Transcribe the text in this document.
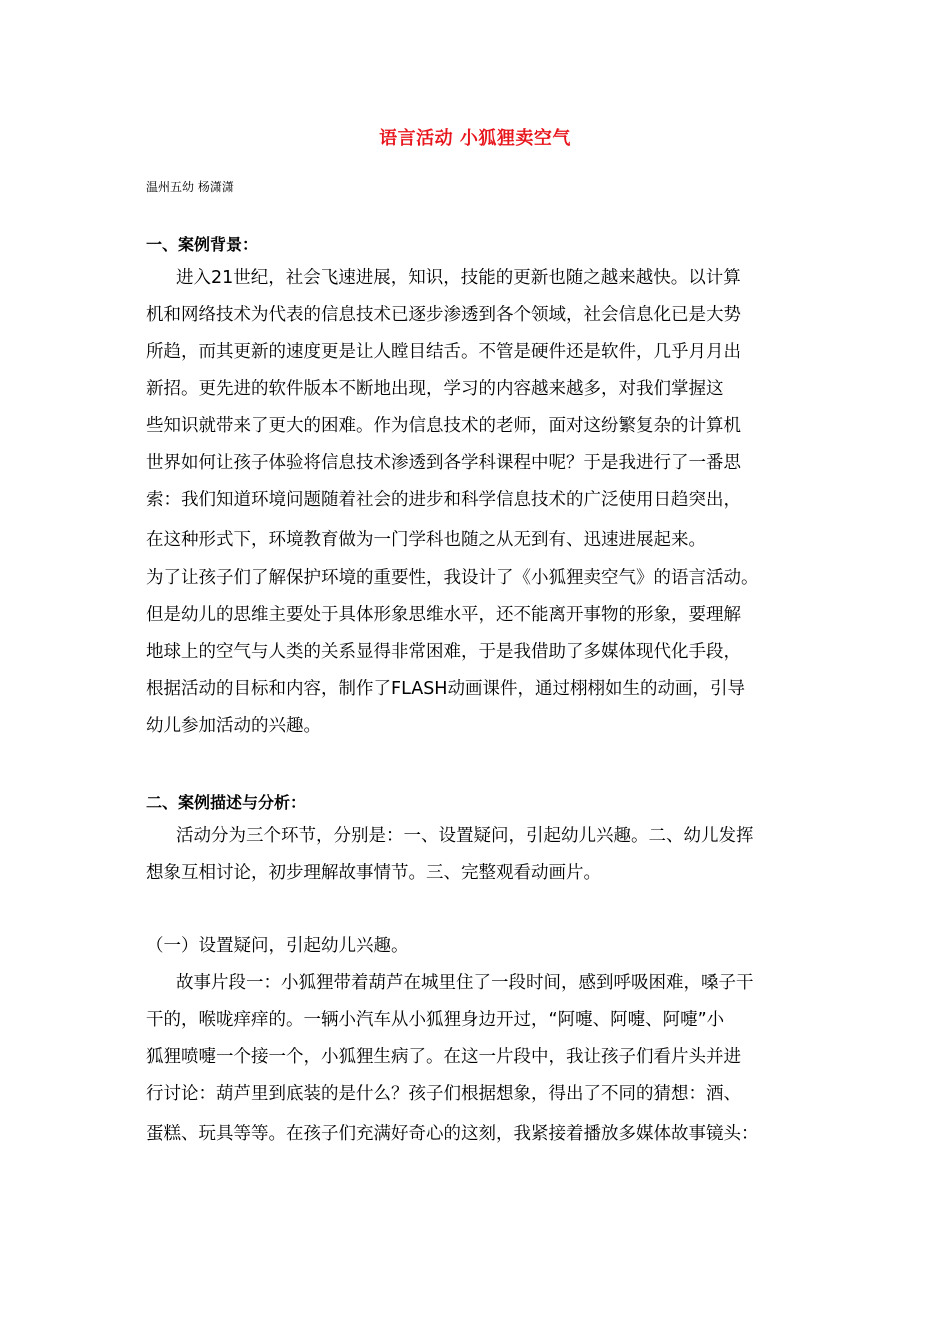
语言活动 小狐狸卖空气
温州五幼 杨潇潇
一、案例背景：
进入21世纪，社会飞速进展，知识，技能的更新也随之越来越快。以计算
机和网络技术为代表的信息技术已逐步渗透到各个领域，社会信息化已是大势
所趋，而其更新的速度更是让人瞠目结舌。不管是硬件还是软件，几乎月月出
新招。更先进的软件版本不断地出现，学习的内容越来越多，对我们掌握这
些知识就带来了更大的困难。作为信息技术的老师，面对这纷繁复杂的计算机
世界如何让孩子体验将信息技术渗透到各学科课程中呢？于是我进行了一番思
索：我们知道环境问题随着社会的进步和科学信息技术的广泛使用日趋突出，
在这种形式下，环境教育做为一门学科也随之从无到有、迅速进展起来。
为了让孩子们了解保护环境的重要性，我设计了《小狐狸卖空气》的语言活动。
但是幼儿的思维主要处于具体形象思维水平，还不能离开事物的形象，要理解
地球上的空气与人类的关系显得非常困难，于是我借助了多媒体现代化手段，
根据活动的目标和内容，制作了FLASH动画课件，通过栩栩如生的动画，引导
幼儿参加活动的兴趣。
二、案例描述与分析：
活动分为三个环节，分别是：一、设置疑问，引起幼儿兴趣。二、幼儿发挥
想象互相讨论，初步理解故事情节。三、完整观看动画片。
（一）设置疑问，引起幼儿兴趣。
故事片段一：小狐狸带着葫芦在城里住了一段时间，感到呼吸困难，嗓子干
干的，喉咙痒痒的。一辆小汽车从小狐狸身边开过，“阿嚏、阿嚏、阿嚏”小
狐狸喷嚏一个接一个，小狐狸生病了。在这一片段中，我让孩子们看片头并进
行讨论：葫芦里到底装的是什么？孩子们根据想象，得出了不同的猜想：酒、
蛋糕、玩具等等。在孩子们充满好奇心的这刻，我紧接着播放多媒体故事镜头：
